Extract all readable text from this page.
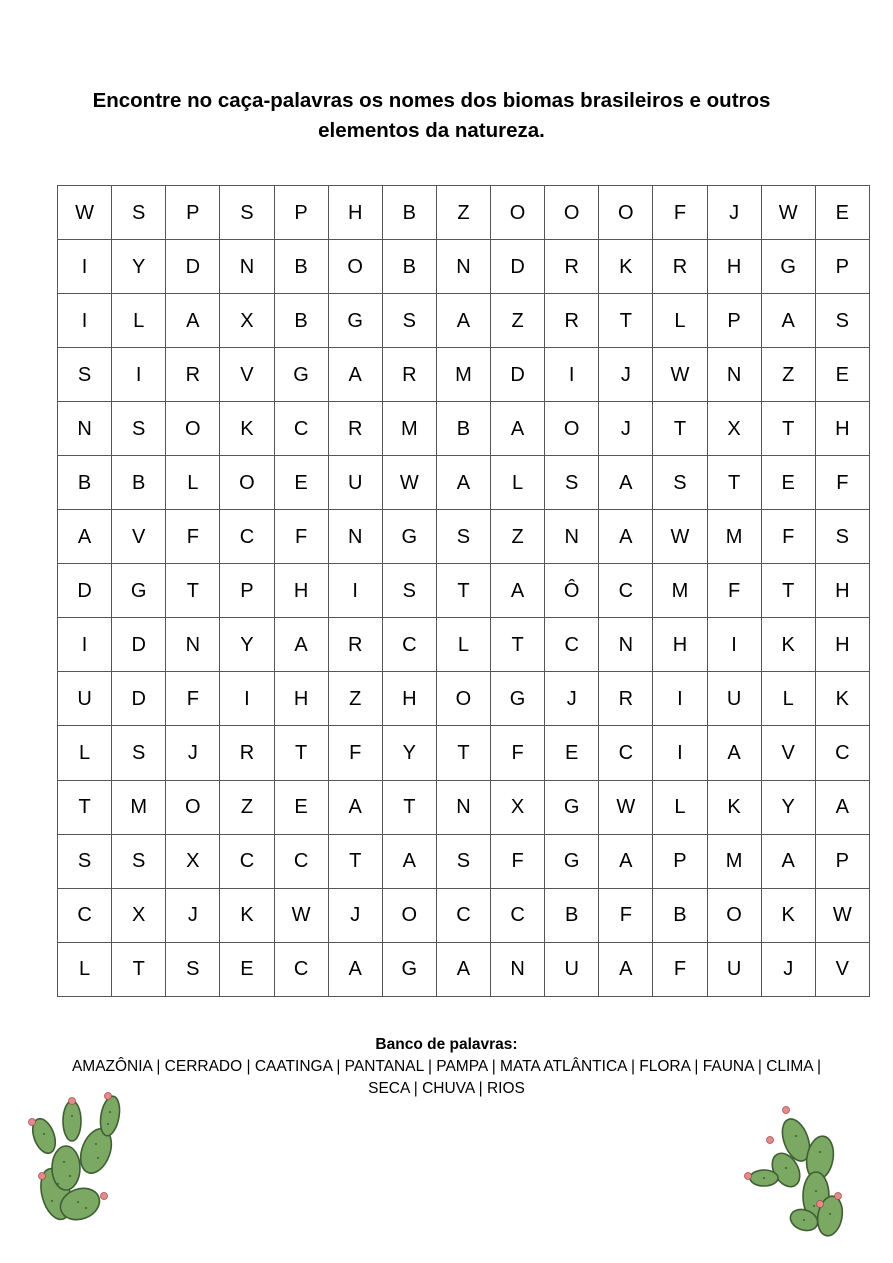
Encontre no caça-palavras os nomes dos biomas brasileiros e outros
elementos da natureza.
W	S	P	S	P	H	B	Z	O	O	O	F	J	W	E
I	Y	D	N	B	O	B	N	D	R	K	R	H	G	P
I	L	A	X	B	G	S	A	Z	R	T	L	P	A	S
S	I	R	V	G	A	R	M	D	I	J	W	N	Z	E
N	S	O	K	C	R	M	B	A	O	J	T	X	T	H
B	B	L	O	E	U	W	A	L	S	A	S	T	E	F
A	V	F	C	F	N	G	S	Z	N	A	W	M	F	S
D	G	T	P	H	I	S	T	A	Ô	C	M	F	T	H
I	D	N	Y	A	R	C	L	T	C	N	H	I	K	H
U	D	F	I	H	Z	H	O	G	J	R	I	U	L	K
L	S	J	R	T	F	Y	T	F	E	C	I	A	V	C
T	M	O	Z	E	A	T	N	X	G	W	L	K	Y	A
S	S	X	C	C	T	A	S	F	G	A	P	M	A	P
C	X	J	K	W	J	O	C	C	B	F	B	O	K	W
L	T	S	E	C	A	G	A	N	U	A	F	U	J	V
Banco de palavras:
AMAZÔNIA | CERRADO | CAATINGA | PANTANAL | PAMPA | MATA ATLÂNTICA | FLORA | FAUNA | CLIMA |
SECA | CHUVA | RIOS
